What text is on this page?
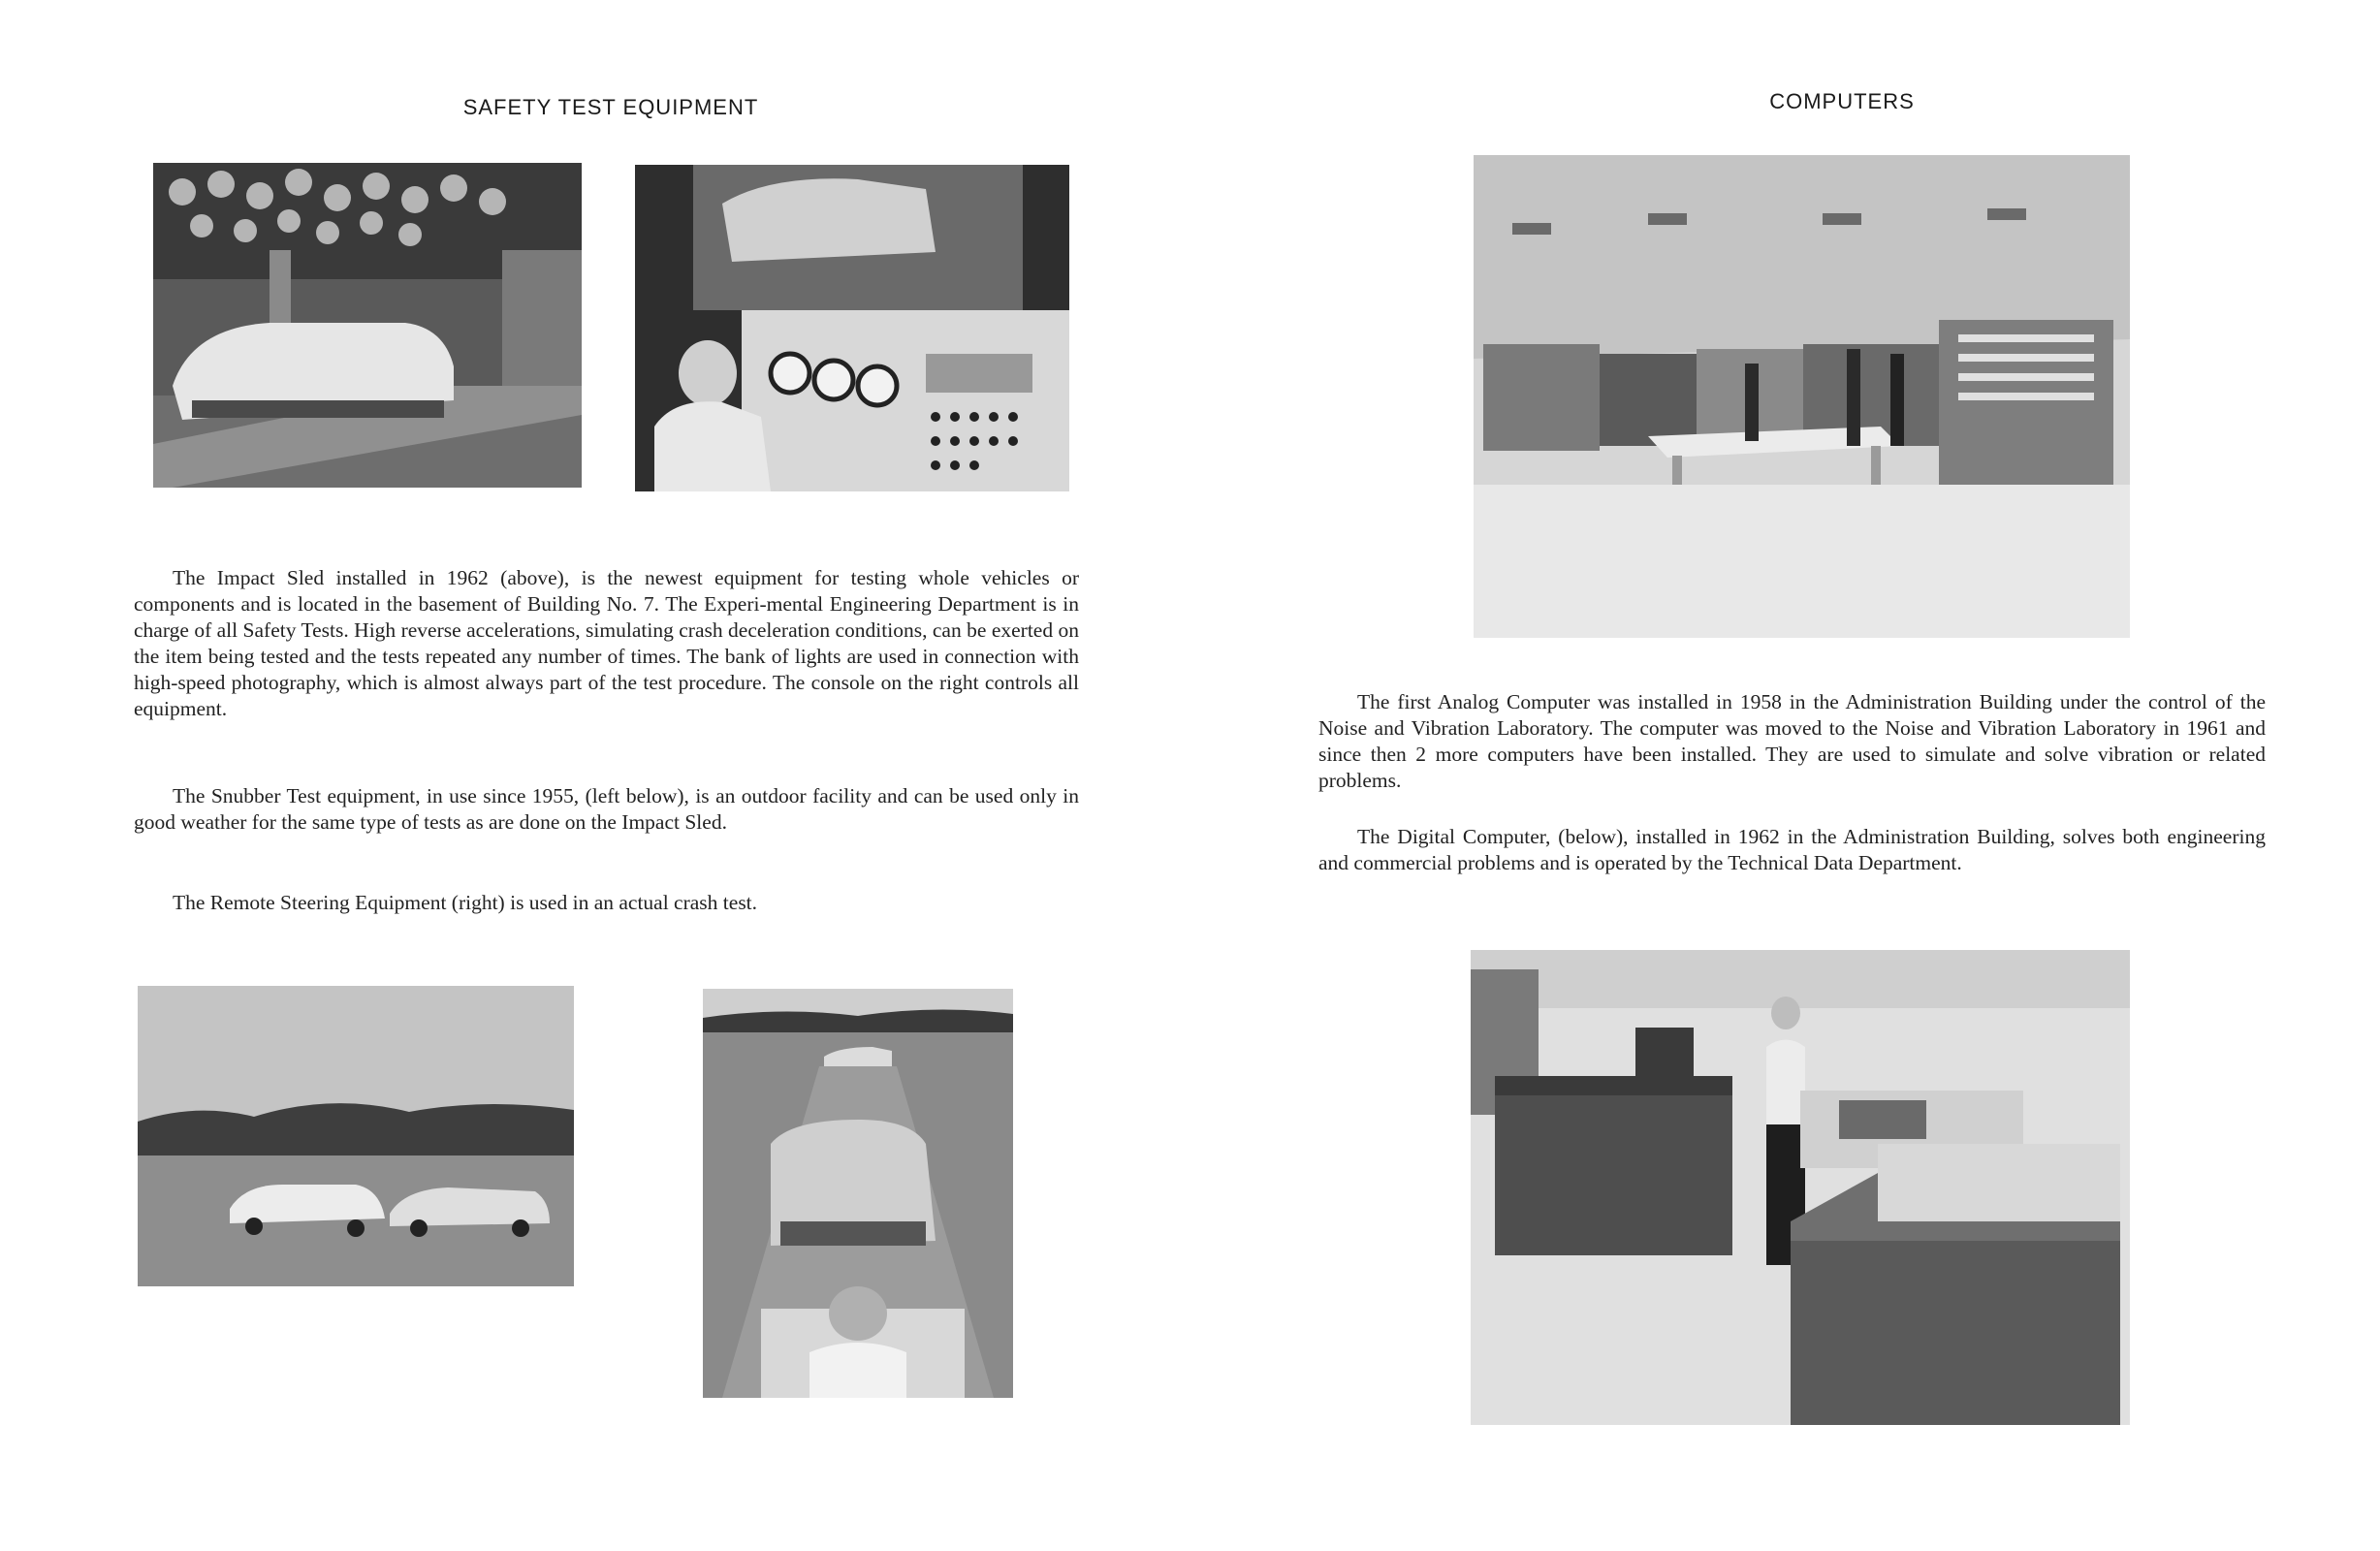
SAFETY TEST EQUIPMENT

The Impact Sled installed in 1962 (above), is the newest equipment for testing whole vehicles or components and is located in the basement of Building No. 7. The Experi-mental Engineering Department is in charge of all Safety Tests. High reverse accelerations, simulating crash deceleration conditions, can be exerted on the item being tested and the tests repeated any number of times. The bank of lights are used in connection with high-speed photography, which is almost always part of the test procedure. The console on the right controls all equipment.

The Snubber Test equipment, in use since 1955, (left below), is an outdoor facility and can be used only in good weather for the same type of tests as are done on the Impact Sled.

The Remote Steering Equipment (right) is used in an actual crash test.

COMPUTERS

The first Analog Computer was installed in 1958 in the Administration Building under the control of the Noise and Vibration Laboratory. The computer was moved to the Noise and Vibration Laboratory in 1961 and since then 2 more computers have been installed. They are used to simulate and solve vibration or related problems.

The Digital Computer, (below), installed in 1962 in the Administration Building, solves both engineering and commercial problems and is operated by the Technical Data Department.
